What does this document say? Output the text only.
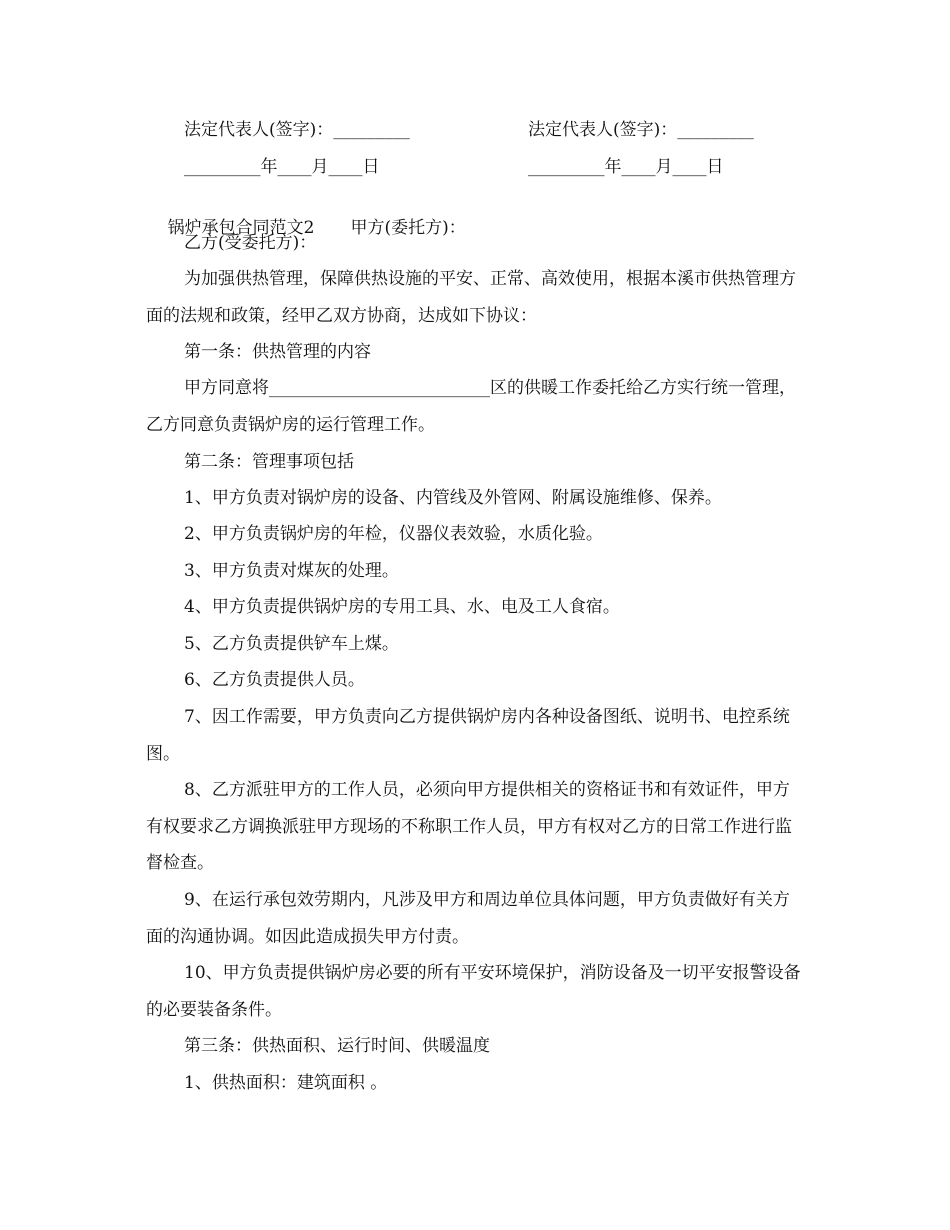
法定代表人(签字)：_________	法定代表人(签字)：_________
_________年____月____日	_________年____月____日

锅炉承包合同范文2 甲方(委托方)：

乙方(受委托方)：
为加强供热管理，保障供热设施的平安、正常、高效使用，根据本溪市供热管理方面的法规和政策，经甲乙双方协商，达成如下协议：
第一条：供热管理的内容
甲方同意将__________________________区的供暖工作委托给乙方实行统一管理，乙方同意负责锅炉房的运行管理工作。
第二条：管理事项包括
1、甲方负责对锅炉房的设备、内管线及外管网、附属设施维修、保养。
2、甲方负责锅炉房的年检，仪器仪表效验，水质化验。
3、甲方负责对煤灰的处理。
4、甲方负责提供锅炉房的专用工具、水、电及工人食宿。
5、乙方负责提供铲车上煤。
6、乙方负责提供人员。
7、因工作需要，甲方负责向乙方提供锅炉房内各种设备图纸、说明书、电控系统图。
8、乙方派驻甲方的工作人员，必须向甲方提供相关的资格证书和有效证件，甲方有权要求乙方调换派驻甲方现场的不称职工作人员，甲方有权对乙方的日常工作进行监督检查。
9、在运行承包效劳期内，凡涉及甲方和周边单位具体问题，甲方负责做好有关方面的沟通协调。如因此造成损失甲方付责。
10、甲方负责提供锅炉房必要的所有平安环境保护，消防设备及一切平安报警设备的必要装备条件。
第三条：供热面积、运行时间、供暖温度
1、供热面积：建筑面积 。
